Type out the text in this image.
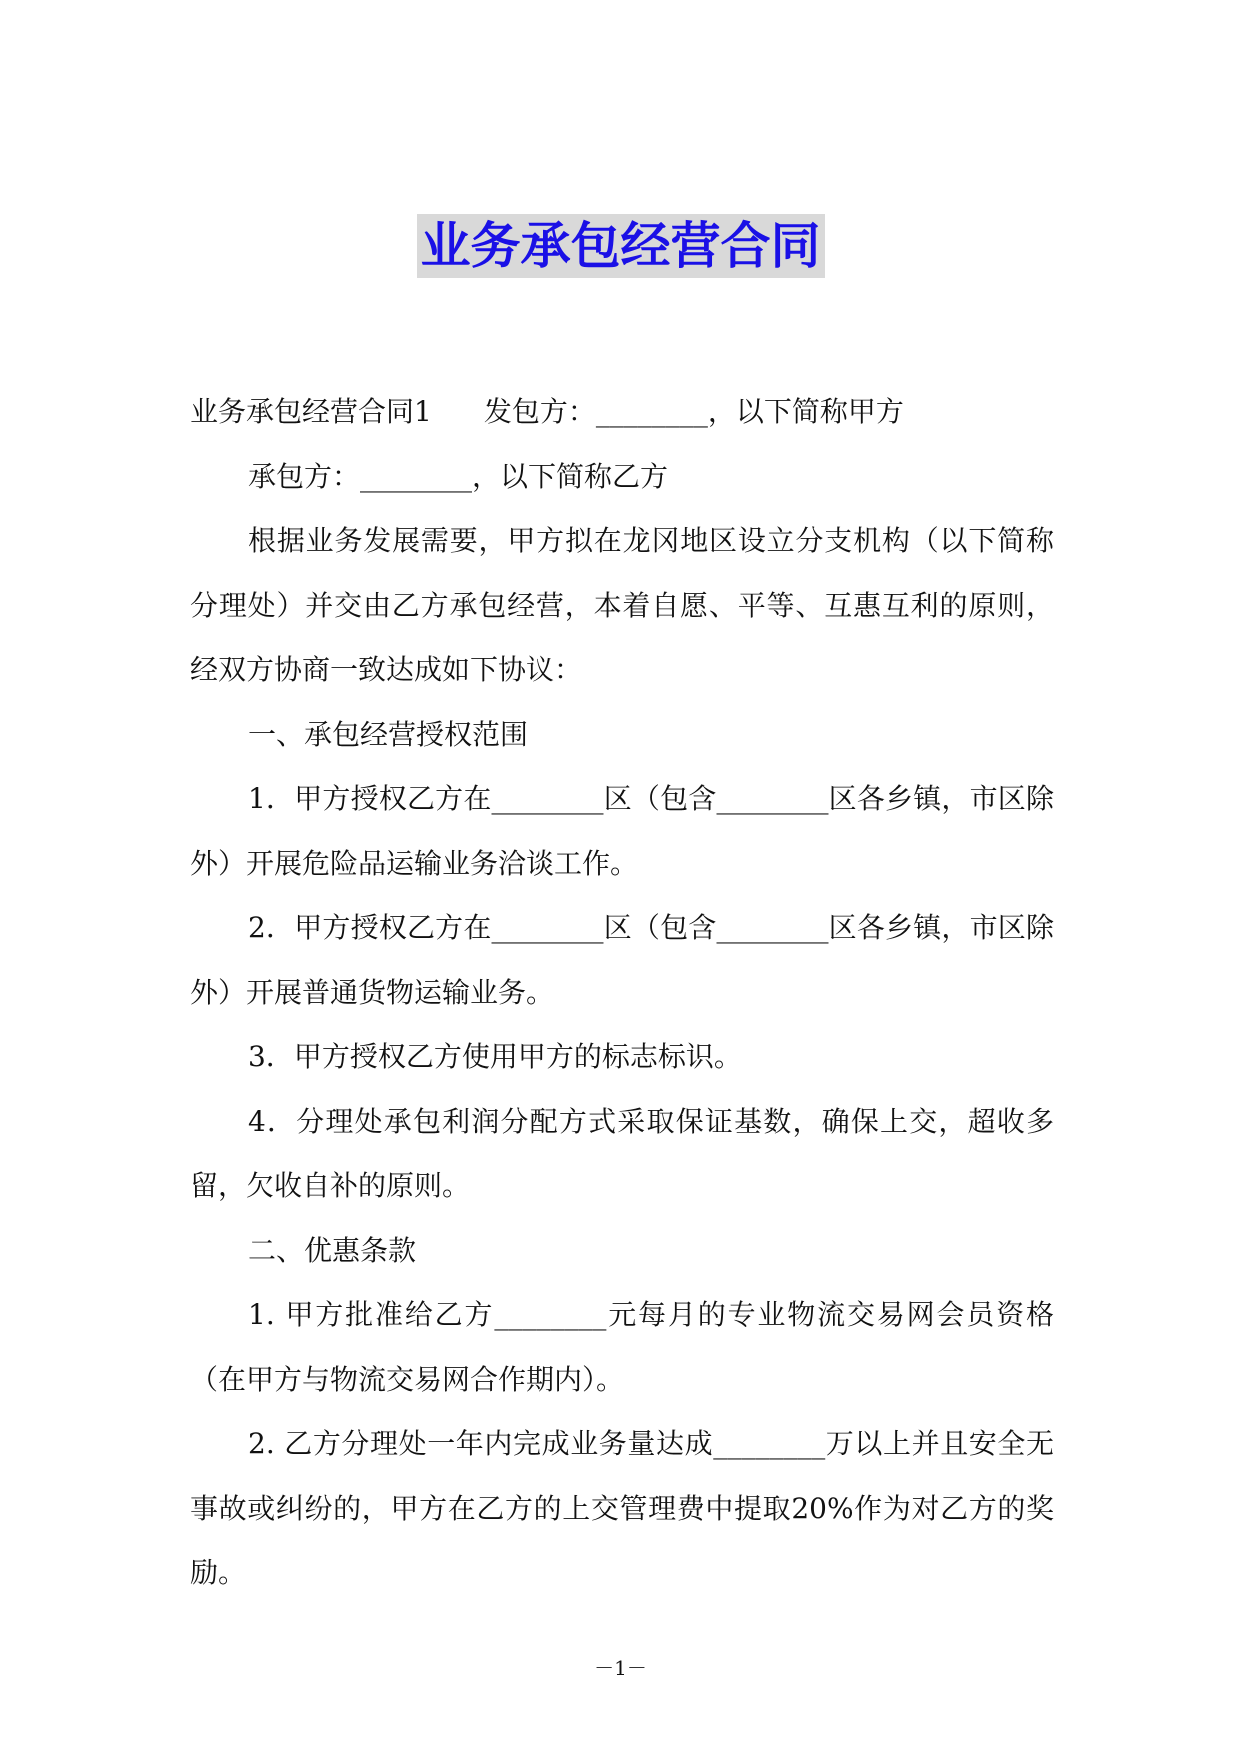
业务承包经营合同

业务承包经营合同1 发包方：________，以下简称甲方

承包方：________，以下简称乙方

根据业务发展需要，甲方拟在龙冈地区设立分支机构（以下简称分理处）并交由乙方承包经营，本着自愿、平等、互惠互利的原则，经双方协商一致达成如下协议：

一、承包经营授权范围

1．甲方授权乙方在________区（包含________区各乡镇，市区除外）开展危险品运输业务洽谈工作。

2．甲方授权乙方在________区（包含________区各乡镇，市区除外）开展普通货物运输业务。

3．甲方授权乙方使用甲方的标志标识。

4．分理处承包利润分配方式采取保证基数，确保上交，超收多留，欠收自补的原则。

二、优惠条款

1. 甲方批准给乙方________元每月的专业物流交易网会员资格（在甲方与物流交易网合作期内）。

2. 乙方分理处一年内完成业务量达成________万以上并且安全无事故或纠纷的，甲方在乙方的上交管理费中提取20%作为对乙方的奖励。

－1－
